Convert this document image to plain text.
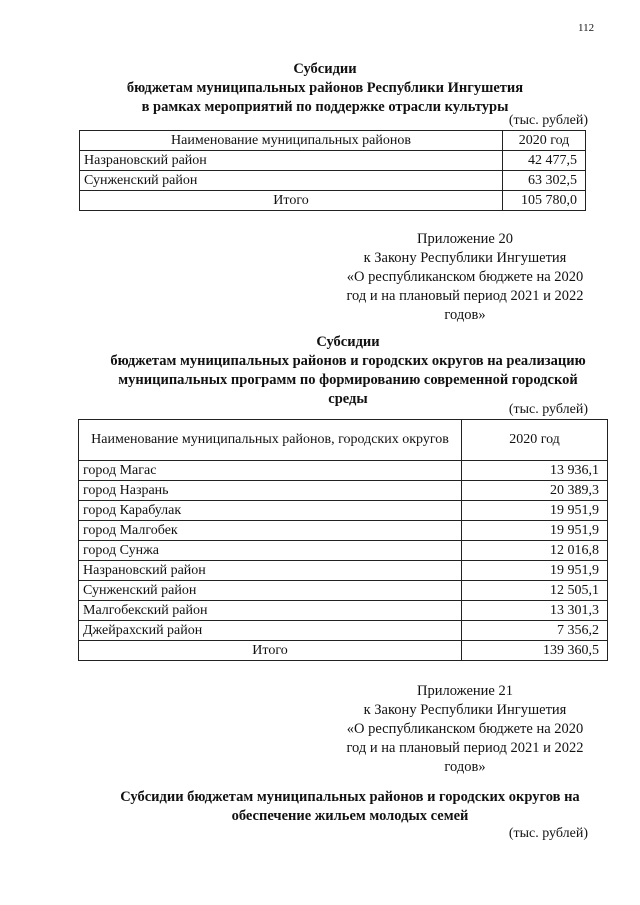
112
Субсидии
бюджетам муниципальных районов Республики Ингушетия
в рамках мероприятий по поддержке отрасли культуры
(тыс. рублей)
Наименование муниципальных районов	2020 год
Назрановский район	42 477,5
Сунженский район	63 302,5
Итого	105 780,0
Приложение 20
к Закону Республики Ингушетия
«О республиканском бюджете на 2020
год и на плановый период 2021 и 2022
годов»
Субсидии
бюджетам муниципальных районов и городских округов на реализацию
муниципальных программ по формированию современной городской
среды
(тыс. рублей)
Наименование муниципальных районов, городских округов	2020 год
город Магас	13 936,1
город Назрань	20 389,3
город Карабулак	19 951,9
город Малгобек	19 951,9
город Сунжа	12 016,8
Назрановский район	19 951,9
Сунженский район	12 505,1
Малгобекский район	13 301,3
Джейрахский район	7 356,2
Итого	139 360,5
Приложение 21
к Закону Республики Ингушетия
«О республиканском бюджете на 2020
год и на плановый период 2021 и 2022
годов»
Субсидии бюджетам муниципальных районов и городских округов на
обеспечение жильем молодых семей
(тыс. рублей)
